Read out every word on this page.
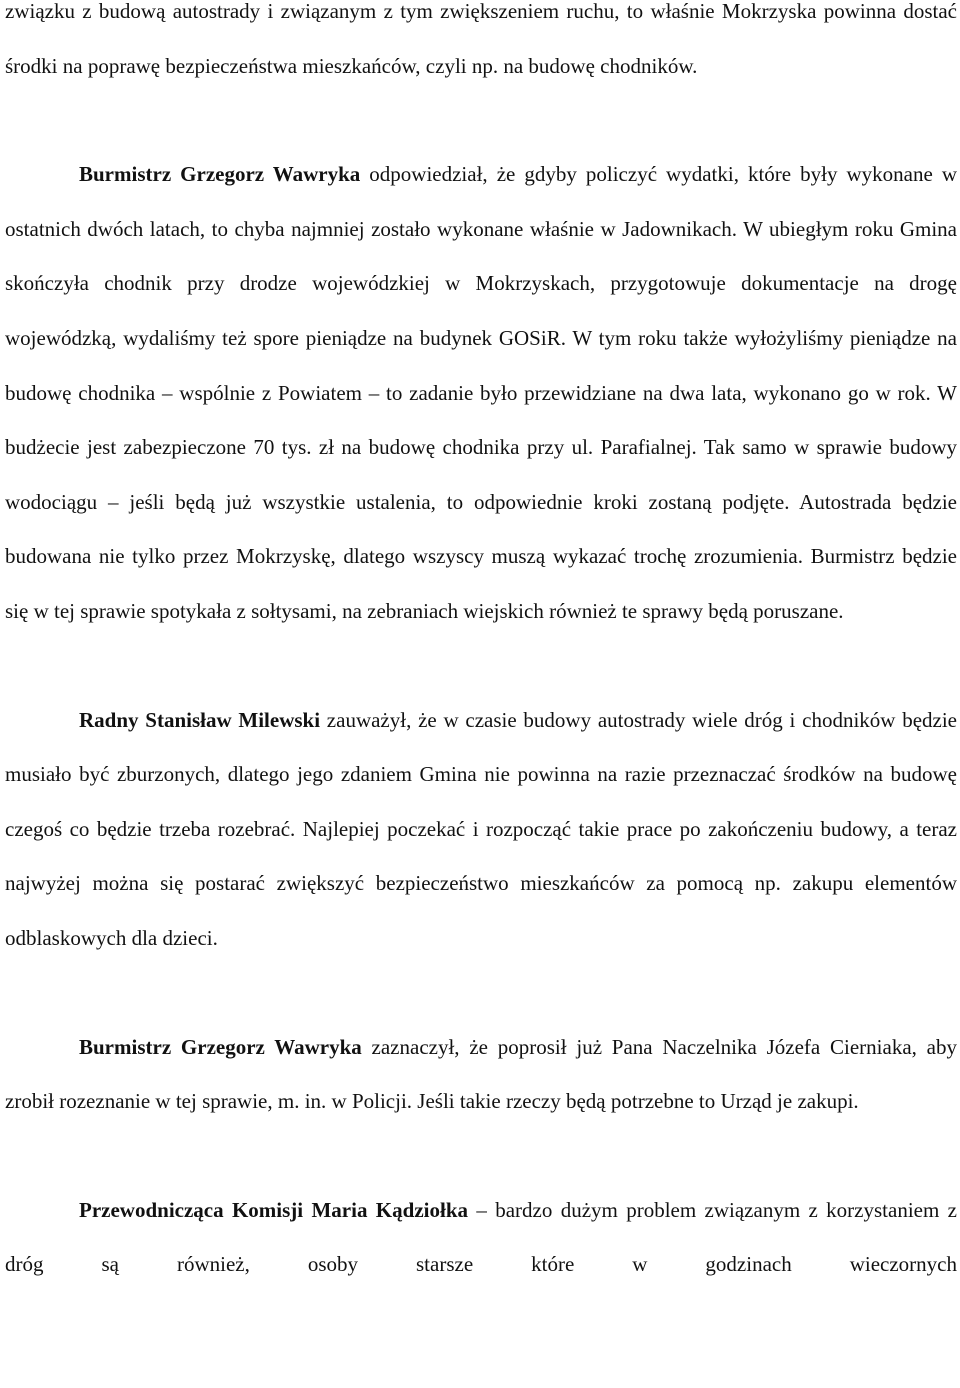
związku z budową autostrady i związanym z tym zwiększeniem ruchu, to właśnie Mokrzyska powinna dostać środki na poprawę bezpieczeństwa mieszkańców, czyli np. na budowę chodników.

Burmistrz Grzegorz Wawryka odpowiedział, że gdyby policzyć wydatki, które były wykonane w ostatnich dwóch latach, to chyba najmniej zostało wykonane właśnie w Jadownikach. W ubiegłym roku Gmina skończyła chodnik przy drodze wojewódzkiej w Mokrzyskach, przygotowuje dokumentacje na drogę wojewódzką, wydaliśmy też spore pieniądze na budynek GOSiR. W tym roku także wyłożyliśmy pieniądze na budowę chodnika – wspólnie z Powiatem – to zadanie było przewidziane na dwa lata, wykonano go w rok. W budżecie jest zabezpieczone 70 tys. zł na budowę chodnika przy ul. Parafialnej. Tak samo w sprawie budowy wodociągu – jeśli będą już wszystkie ustalenia, to odpowiednie kroki zostaną podjęte. Autostrada będzie budowana nie tylko przez Mokrzyskę, dlatego wszyscy muszą wykazać trochę zrozumienia. Burmistrz będzie się w tej sprawie spotykała z sołtysami, na zebraniach wiejskich również te sprawy będą poruszane.

Radny Stanisław Milewski zauważył, że w czasie budowy autostrady wiele dróg i chodników będzie musiało być zburzonych, dlatego jego zdaniem Gmina nie powinna na razie przeznaczać środków na budowę czegoś co będzie trzeba rozebrać. Najlepiej poczekać i rozpocząć takie prace po zakończeniu budowy, a teraz najwyżej można się postarać zwiększyć bezpieczeństwo mieszkańców za pomocą np. zakupu elementów odblaskowych dla dzieci.

Burmistrz Grzegorz Wawryka zaznaczył, że poprosił już Pana Naczelnika Józefa Cierniaka, aby zrobił rozeznanie w tej sprawie, m. in. w Policji. Jeśli takie rzeczy będą potrzebne to Urząd je zakupi.

Przewodnicząca Komisji Maria Kądziołka – bardzo dużym problem związanym z korzystaniem z dróg są również, osoby starsze które w godzinach wieczornych
